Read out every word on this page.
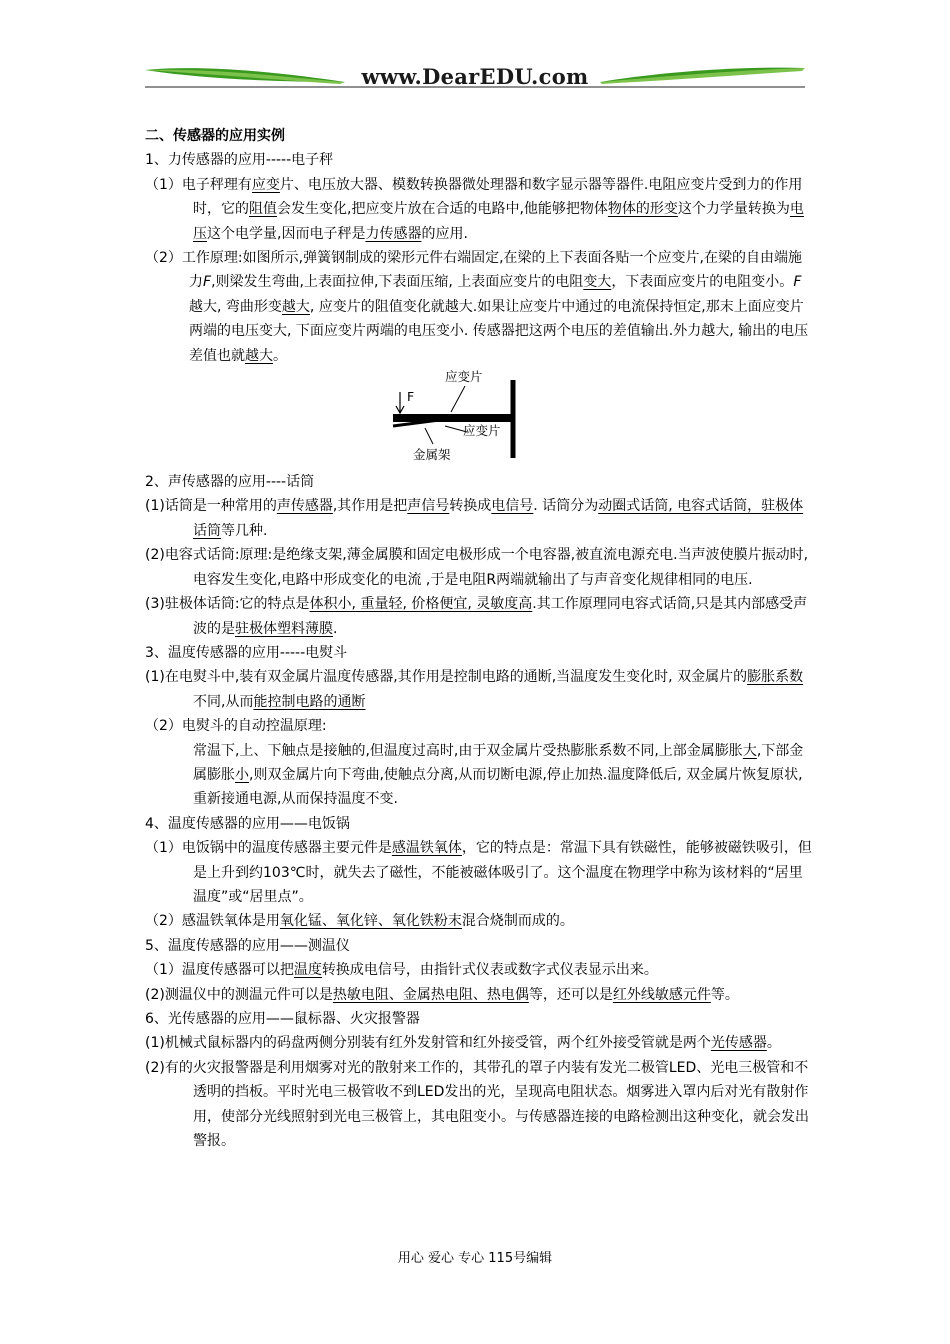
www.DearEDU.com

二、传感器的应用实例

1、力传感器的应用-----电子秤

（1）电子秤理有应变片、电压放大器、模数转换器微处理器和数字显示器等器件.电阻应变片受到力的作用时，它的阻值会发生变化,把应变片放在合适的电路中,他能够把物体物体的形变这个力学量转换为电压这个电学量,因而电子秤是力传感器的应用.

（2）工作原理:如图所示,弹簧钢制成的梁形元件右端固定,在梁的上下表面各贴一个应变片,在梁的自由端施力F,则梁发生弯曲,上表面拉伸,下表面压缩, 上表面应变片的电阻变大，下表面应变片的电阻变小。F越大, 弯曲形变越大, 应变片的阻值变化就越大.如果让应变片中通过的电流保持恒定,那末上面应变片两端的电压变大, 下面应变片两端的电压变小. 传感器把这两个电压的差值输出.外力越大, 输出的电压差值也就越大。

F
应变片
应变片
金属架

2、声传感器的应用----话筒

(1)话筒是一种常用的声传感器,其作用是把声信号转换成电信号. 话筒分为动圈式话筒, 电容式话筒，驻极体话筒等几种.

(2)电容式话筒:原理:是绝缘支架,薄金属膜和固定电极形成一个电容器,被直流电源充电.当声波使膜片振动时,电容发生变化,电路中形成变化的电流 ,于是电阻R两端就输出了与声音变化规律相同的电压.

(3)驻极体话筒:它的特点是体积小, 重量轻, 价格便宜, 灵敏度高.其工作原理同电容式话筒,只是其内部感受声波的是驻极体塑料薄膜.

3、温度传感器的应用-----电熨斗

(1)在电熨斗中,装有双金属片温度传感器,其作用是控制电路的通断,当温度发生变化时, 双金属片的膨胀系数不同,从而能控制电路的通断

（2）电熨斗的自动控温原理:

常温下,上、下触点是接触的,但温度过高时,由于双金属片受热膨胀系数不同,上部金属膨胀大,下部金属膨胀小,则双金属片向下弯曲,使触点分离,从而切断电源,停止加热.温度降低后, 双金属片恢复原状,重新接通电源,从而保持温度不变.

4、温度传感器的应用——电饭锅

（1）电饭锅中的温度传感器主要元件是感温铁氧体，它的特点是：常温下具有铁磁性，能够被磁铁吸引，但是上升到约103℃时，就失去了磁性，不能被磁体吸引了。这个温度在物理学中称为该材料的“居里温度”或“居里点”。

（2）感温铁氧体是用氧化锰、氧化锌、氧化铁粉末混合烧制而成的。

5、温度传感器的应用——测温仪

（1）温度传感器可以把温度转换成电信号，由指针式仪表或数字式仪表显示出来。

(2)测温仪中的测温元件可以是热敏电阻、金属热电阻、热电偶等，还可以是红外线敏感元件等。

6、光传感器的应用——鼠标器、火灾报警器

(1)机械式鼠标器内的码盘两侧分别装有红外发射管和红外接受管，两个红外接受管就是两个光传感器。

(2)有的火灾报警器是利用烟雾对光的散射来工作的，其带孔的罩子内装有发光二极管LED、光电三极管和不透明的挡板。平时光电三极管收不到LED发出的光，呈现高电阻状态。烟雾进入罩内后对光有散射作用，使部分光线照射到光电三极管上，其电阻变小。与传感器连接的电路检测出这种变化，就会发出警报。

用心 爱心 专心 115号编辑
